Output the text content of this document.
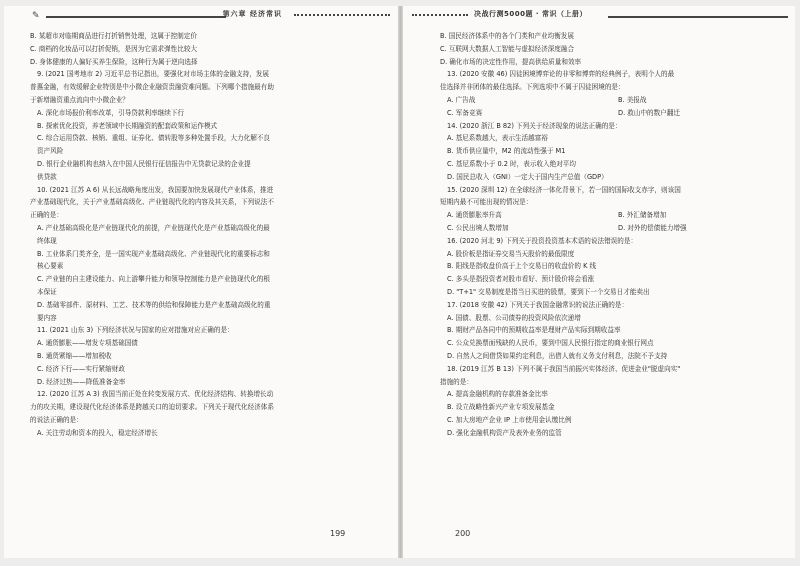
✎	第六章 经济常识	决战行测5000题 · 常识（上册）
B. 某超市对临期商品进行打折销售处理，这属于控制定价
C. 商档的化妆品可以打折促销，是因为它需求弹性比较大
D. 身体健康的人偏好买养生保险，这种行为属于逆向选择
9. (2021 国考地市 2) 习近平总书记指出，要强化对市场主体的金融支持，发展
普惠金融，有效缓解企业特别是中小微企业融资贵融资难问题。下列哪个措施最有助
于新增融资重点流向中小微企业？
A. 深化市场报价利率改革，引导贷款利率继续下行
B. 探索优化投资，养老领域中长期融资的配套政策和运作模式
C. 综合运用贷款、核销、重组、证券化、债转股等多种处置手段，大力化解不良
资产风险
D. 银行企业融机构也纳入在中国人民银行征信报告中无贷款记录的企业提
供贷款
10. (2021 江苏 A 6) 从长远战略角度出发，我国要加快发展现代产业体系，推进
产业基础现代化，关于产业基础高级化、产业链现代化的内容及其关系，下列说法不
正确的是：
A. 产业基础高级化是产业链现代化的前提，产业链现代化是产业基础高级化的最
终体现
B. 工业体系门类齐全，是一国实现产业基础高级化、产业链现代化的重要标志和
核心要素
C. 产业链的自主建设能力、向上游攀升能力和领导控制能力是产业链现代化的根
本保证
D. 基础零部件、原材料、工艺、技术等的供给和保障能力是产业基础高级化的重
要内容
11. (2021 山东 3) 下列经济状况与国家的应对措施对应正确的是：
A. 通货膨胀——增发专项基础国债
B. 通货紧缩——增加税收
C. 经济下行——实行紧缩财政
D. 经济过热——降低准备金率
12. (2020 江苏 A 3) 我国当前正处在转变发展方式、优化经济结构、转换增长动
力的攻关期，建设现代化经济体系是跨越关口的迫切要求。下列关于现代化经济体系
的说法正确的是：
A. 关注劳动和资本的投入，稳定经济增长
B. 国民经济体系中的各个门类和产业均衡发展
C. 互联网大数据人工智能与虚拟经济深度融合
D. 确化市场的决定性作用，提高供给质量和效率
13. (2020 安徽 46) 囚徒困境博弈论的非零和博弈的经典例子，表明个人的最
佳选择并非团体的最佳选择。下列选项中不属于囚徒困境的是：
A. 广告战	B. 美报战
C. 军备竞赛	D. 救山中的数户翻迁
14. (2020 浙江 B 82) 下列关于经济现象的说法正确的是：
A. 基尼系数越大，表示生活越富裕
B. 货币供应量中，M2 的流动性强于 M1
C. 基尼系数小于 0.2 时，表示收入绝对平均
D. 国民总收入（GNI）一定大于国内生产总值（GDP）
15. (2020 深圳 12) 在全球经济一体化背景下，若一国的国际收支赤字，则该国
短期内最不可能出现的情况是：
A. 通货膨胀率升高	B. 外汇储备增加
C. 公民出境人数增加	D. 对外的偿债能力增强
16. (2020 河北 9) 下列关于投资投资基本术语的说法错误的是：
A. 股价板是指证券交易当天股价的最低限度
B. 阳线是指收盘价高于上个交易日的收盘价的 K 线
C. 多头是指投资者对股市看好、预计股价将会看涨
D. "T+1" 交易制度是指当日买进的股票，要到下一个交易日才能卖出
17. (2018 安徽 42) 下列关于我国金融常识的说法正确的是：
A. 国债、股票、公司债券的投资风险依次递增
B. 期财产品各同中的预期收益率是理财产品实际到期收益率
C. 公众兑换票面残缺的人民币，要到中国人民银行指定的商业银行网点
D. 自然人之间借贷如果约定利息，出借人就有义务支付利息，法院不予支持
18. (2019 江苏 B 13) 下列不属于我国当前振兴实体经济、促进金业"脱虚向实"
措施的是：
A. 提高金融机构的存款准备金比率
B. 设立战略性新兴产业专项发展基金
C. 加大房地产企业 IP 上市使用金认缴比例
D. 强化金融机构资产及表外业务的监管
199	200
